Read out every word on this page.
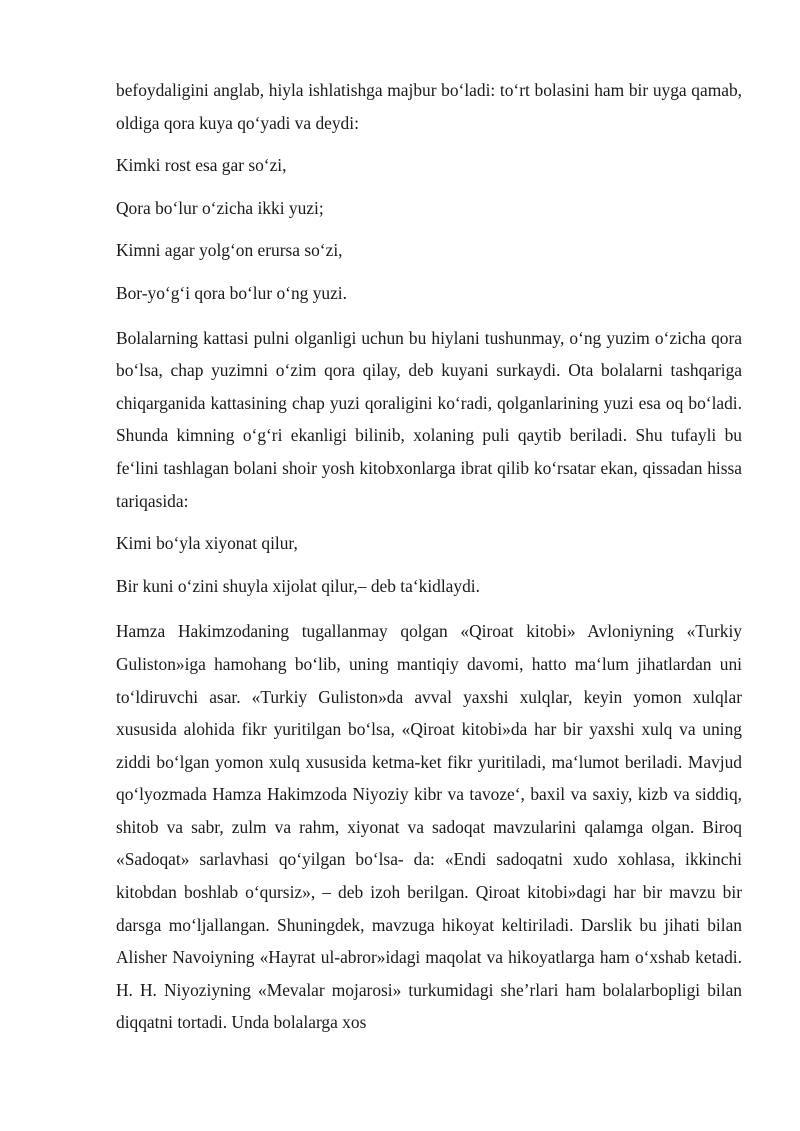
befoydaligini anglab, hiyla ishlatishga majbur bo‘ladi: to‘rt bolasini ham bir uyga qamab, oldiga qora kuya qo‘yadi va deydi:

Kimki rost esa gar so‘zi,

Qora bo‘lur o‘zicha ikki yuzi;

Kimni agar yolg‘on erursa so‘zi,

Bor-yo‘g‘i qora bo‘lur o‘ng yuzi.

Bolalarning kattasi pulni olganligi uchun bu hiylani tushunmay, o‘ng yuzim o‘zicha qora bo‘lsa, chap yuzimni o‘zim qora qilay, deb kuyani surkaydi. Ota bolalarni tashqariga chiqarganida kattasining chap yuzi qoraligini ko‘radi, qolganlarining yuzi esa oq bo‘ladi. Shunda kimning o‘g‘ri ekanligi bilinib, xolaning puli qaytib beriladi. Shu tufayli bu fe‘lini tashlagan bolani shoir yosh kitobxonlarga ibrat qilib ko‘rsatar ekan, qissadan hissa tariqasida:

Kimi bo‘yla xiyonat qilur,

Bir kuni o‘zini shuyla xijolat qilur,– deb ta‘kidlaydi.

Hamza Hakimzodaning tugallanmay qolgan «Qiroat kitobi» Avloniyning «Turkiy Guliston»iga hamohang bo‘lib, uning mantiqiy davomi, hatto ma‘lum jihatlardan uni to‘ldiruvchi asar. «Turkiy Guliston»da avval yaxshi xulqlar, keyin yomon xulqlar xususida alohida fikr yuritilgan bo‘lsa, «Qiroat kitobi»da har bir yaxshi xulq va uning ziddi bo‘lgan yomon xulq xususida ketma-ket fikr yuritiladi, ma‘lumot beriladi. Mavjud qo‘lyozmada Hamza Hakimzoda Niyoziy kibr va tavoze‘, baxil va saxiy, kizb va siddiq, shitob va sabr, zulm va rahm, xiyonat va sadoqat mavzularini qalamga olgan. Biroq «Sadoqat» sarlavhasi qo‘yilgan bo‘lsa- da: «Endi sadoqatni xudo xohlasa, ikkinchi kitobdan boshlab o‘qursiz», – deb izoh berilgan. Qiroat kitobi»dagi har bir mavzu bir darsga mo‘ljallangan. Shuningdek, mavzuga hikoyat keltiriladi. Darslik bu jihati bilan Alisher Navoiyning «Hayrat ul-abror»idagi maqolat va hikoyatlarga ham o‘xshab ketadi. H. H. Niyoziyning «Mevalar mojarosi» turkumidagi she’rlari ham bolalarbopligi bilan diqqatni tortadi. Unda bolalarga xos
